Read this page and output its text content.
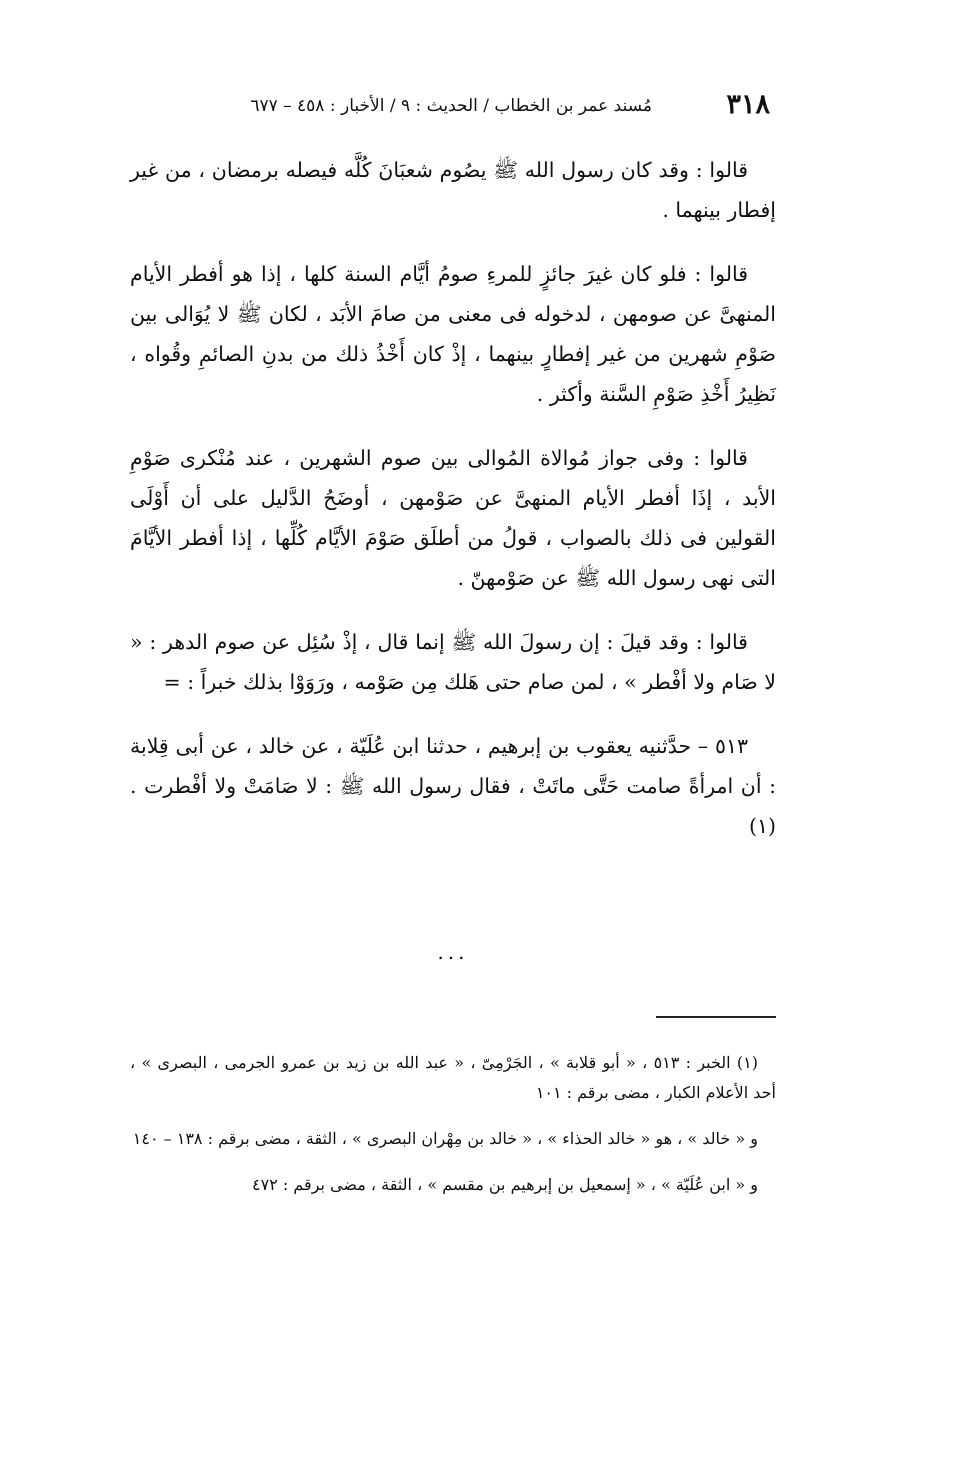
٣١٨
مُسند عمر بن الخطاب / الحديث : ٩ / الأخبار : ٤٥٨ – ٦٧٧

قالوا : وقد كان رسول الله ﷺ يصُوم شعبَانَ كُلَّه فيصله برمضان ، من غير إفطار بينهما .

قالوا : فلو كان غيرَ جائزٍ للمرءِ صومُ أيَّام السنة كلها ، إذا هو أفطر الأيام المنهىَّ عن صومهن ، لدخوله فى معنى من صامَ الأبَد ، لكان ﷺ لا يُوَالى بين صَوْمِ شهرين من غير إفطارٍ بينهما ، إذْ كان أَخْذُ ذلك من بدنِ الصائمِ وقُواه ، نَظِيرُ أَخْذِ صَوْمِ السَّنة وأكثر .

قالوا : وفى جواز مُوالاة المُوالى بين صوم الشهرين ، عند مُنْكرى صَوْمِ الأبد ، إذَا أفطر الأيام المنهىَّ عن صَوْمهن ، أوضَحُ الدَّليل على أن أَوْلَى القولين فى ذلك بالصواب ، قولُ من أطلَق صَوْمَ الأيَّام كُلِّها ، إذا أفطر الأيَّامَ التى نهى رسول الله ﷺ عن صَوْمهنّ .

قالوا : وقد قيلَ : إن رسولَ الله ﷺ إنما قال ، إذْ سُئِل عن صوم الدهر : « لا صَام ولا أفْطر » ، لمن صام حتى هَلك مِن صَوْمه ، ورَوَوْا بذلك خبراً : =

٥١٣ – حدَّثنيه يعقوب بن إبرهيم ، حدثنا ابن عُلَيّة ، عن خالد ، عن أبى قِلابة : أن امرأةً صامت حَتَّى ماتَتْ ، فقال رسول الله ﷺ : لا صَامَتْ ولا أفْطرت . (١)

...

(١) الخبر : ٥١٣ ، « أبو قلابة » ، الجَرْمِىّ ، « عبد الله بن زيد بن عمرو الجرمى ، البصرى » ، أحد الأعلام الكبار ، مضى برقم : ١٠١

و « خالد » ، هو « خالد الحذاء » ، « خالد بن مِهْران البصرى » ، الثقة ، مضى برقم : ١٣٨ – ١٤٠

و « ابن عُلَيّة » ، « إسمعيل بن إبرهيم بن مقسم » ، الثقة ، مضى برقم : ٤٧٢
